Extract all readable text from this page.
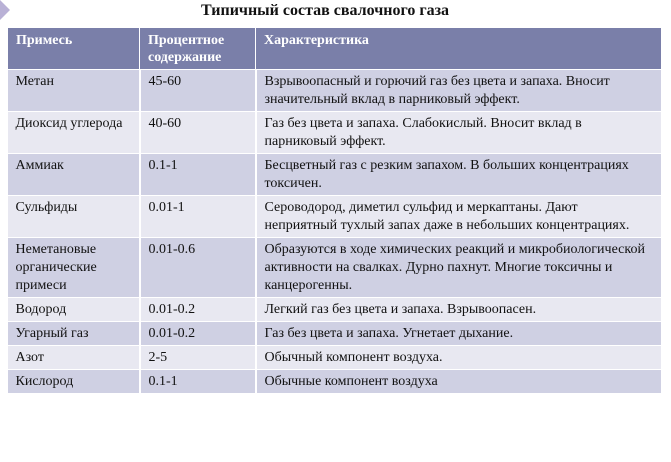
Типичный состав свалочного газа
Примесь	Процентное содержание	Характеристика
Метан	45-60	Взрывоопасный и горючий газ без цвета и запаха. Вносит значительный вклад в парниковый эффект.
Диоксид углерода	40-60	Газ без цвета и запаха. Слабокислый. Вносит вклад в парниковый эффект.
Аммиак	0.1-1	Бесцветный газ с резким запахом. В больших концентрациях токсичен.
Сульфиды	0.01-1	Сероводород, диметил сульфид и меркаптаны. Дают неприятный тухлый запах даже в небольших концентрациях.
Неметановые органические примеси	0.01-0.6	Образуются в ходе химических реакций и микробиологической активности на свалках. Дурно пахнут. Многие токсичны и канцерогенны.
Водород	0.01-0.2	Легкий газ без цвета и запаха. Взрывоопасен.
Угарный газ	0.01-0.2	Газ без цвета и запаха. Угнетает дыхание.
Азот	2-5	Обычный компонент воздуха.
Кислород	0.1-1	Обычные компонент воздуха
